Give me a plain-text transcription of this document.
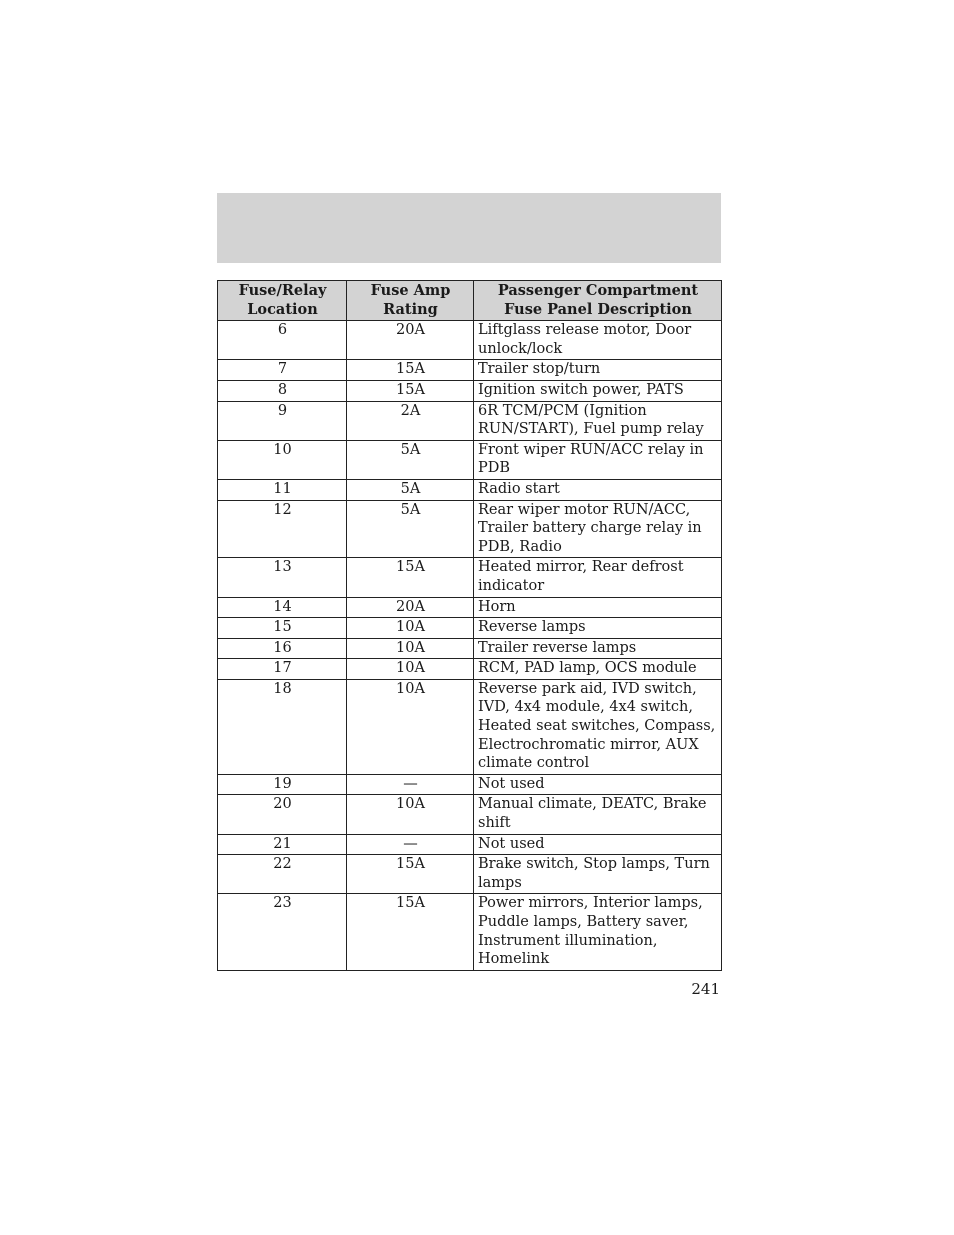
Fuse/Relay Location	Fuse Amp Rating	Passenger Compartment Fuse Panel Description
6	20A	Liftglass release motor, Door unlock/lock
7	15A	Trailer stop/turn
8	15A	Ignition switch power, PATS
9	2A	6R TCM/PCM (Ignition RUN/START), Fuel pump relay
10	5A	Front wiper RUN/ACC relay in PDB
11	5A	Radio start
12	5A	Rear wiper motor RUN/ACC, Trailer battery charge relay in PDB, Radio
13	15A	Heated mirror, Rear defrost indicator
14	20A	Horn
15	10A	Reverse lamps
16	10A	Trailer reverse lamps
17	10A	RCM, PAD lamp, OCS module
18	10A	Reverse park aid, IVD switch, IVD, 4x4 module, 4x4 switch, Heated seat switches, Compass, Electrochromatic mirror, AUX climate control
19	—	Not used
20	10A	Manual climate, DEATC, Brake shift
21	—	Not used
22	15A	Brake switch, Stop lamps, Turn lamps
23	15A	Power mirrors, Interior lamps, Puddle lamps, Battery saver, Instrument illumination, Homelink
241
